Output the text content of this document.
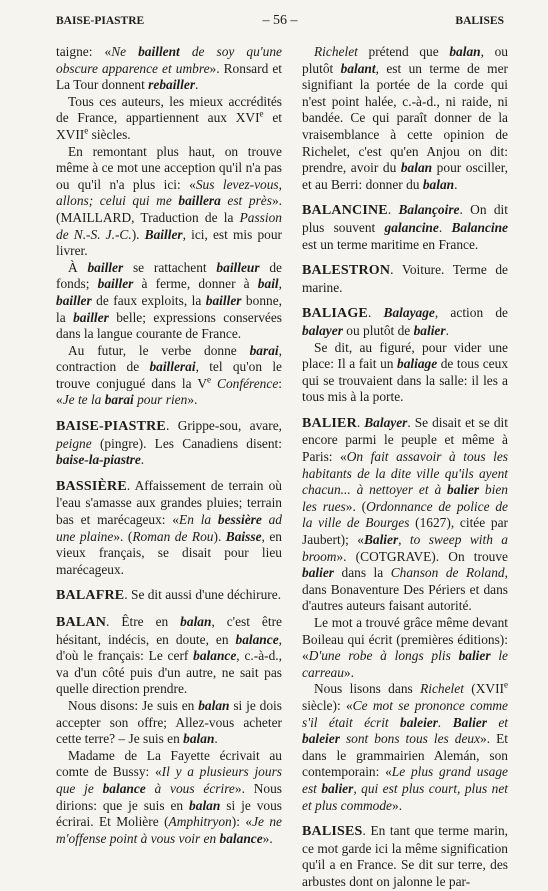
BAISE-PIASTRE	– 56 –	BALISES

taigne: «Ne baillent de soy qu'une obscure apparence et umbre». Ronsard et La Tour donnent rebailler.

Tous ces auteurs, les mieux accrédités de France, appartiennent aux XVIe et XVIIe siècles.

En remontant plus haut, on trouve même à ce mot une acception qu'il n'a pas ou qu'il n'a plus ici: «Sus levez-vous, allons; celui qui me baillera est près». (MAILLARD, Traduction de la Passion de N.-S. J.-C.). Bailler, ici, est mis pour livrer.

À bailler se rattachent bailleur de fonds; bailler à ferme, donner à bail, bailler de faux exploits, la bailler bonne, la bailler belle; expressions conservées dans la langue courante de France.

Au futur, le verbe donne barai, contraction de baillerai, tel qu'on le trouve conjugué dans la Ve Conférence: «Je te la barai pour rien».

BAISE-PIASTRE. Grippe-sou, avare, peigne (pingre). Les Canadiens disent: baise-la-piastre.

BASSIÈRE. Affaissement de terrain où l'eau s'amasse aux grandes pluies; terrain bas et marécageux: «En la bessière ad une plaine». (Roman de Rou). Baisse, en vieux français, se disait pour lieu marécageux.

BALAFRE. Se dit aussi d'une déchirure.

BALAN. Être en balan, c'est être hésitant, indécis, en doute, en balance, d'où le français: Le cerf balance, c.-à-d., va d'un côté puis d'un autre, ne sait pas quelle direction prendre.

Nous disons: Je suis en balan si je dois accepter son offre; Allez-vous acheter cette terre? – Je suis en balan.

Madame de La Fayette écrivait au comte de Bussy: «Il y a plusieurs jours que je balance à vous écrire». Nous dirions: que je suis en balan si je vous écrirai. Et Molière (Amphitryon): «Je ne m'offense point à vous voir en balance».

Richelet prétend que balan, ou plutôt balant, est un terme de mer signifiant la portée de la corde qui n'est point halée, c.-à-d., ni raide, ni bandée. Ce qui paraît donner de la vraisemblance à cette opinion de Richelet, c'est qu'en Anjou on dit: prendre, avoir du balan pour osciller, et au Berri: donner du balan.

BALANCINE. Balançoire. On dit plus souvent galancine. Balancine est un terme maritime en France.

BALESTRON. Voiture. Terme de marine.

BALIAGE. Balayage, action de balayer ou plutôt de balier.

Se dit, au figuré, pour vider une place: Il a fait un baliage de tous ceux qui se trouvaient dans la salle: il les a tous mis à la porte.

BALIER. Balayer. Se disait et se dit encore parmi le peuple et même à Paris: «On fait assavoir à tous les habitants de la dite ville qu'ils ayent chacun... à nettoyer et à balier bien les rues». (Ordonnance de police de la ville de Bourges (1627), citée par Jaubert); «Balier, to sweep with a broom». (COTGRAVE). On trouve balier dans la Chanson de Roland, dans Bonaventure Des Périers et dans d'autres auteurs faisant autorité.

Le mot a trouvé grâce même devant Boileau qui écrit (premières éditions): «D'une robe à longs plis balier le carreau».

Nous lisons dans Richelet (XVIIe siècle): «Ce mot se prononce comme s'il était écrit baleier. Balier et baleier sont bons tous les deux». Et dans le grammairien Alemán, son contemporain: «Le plus grand usage est balier, qui est plus court, plus net et plus commode».

BALISES. En tant que terme marin, ce mot garde ici la même signification qu'il a en France. Se dit sur terre, des arbustes dont on jalonne le par-
